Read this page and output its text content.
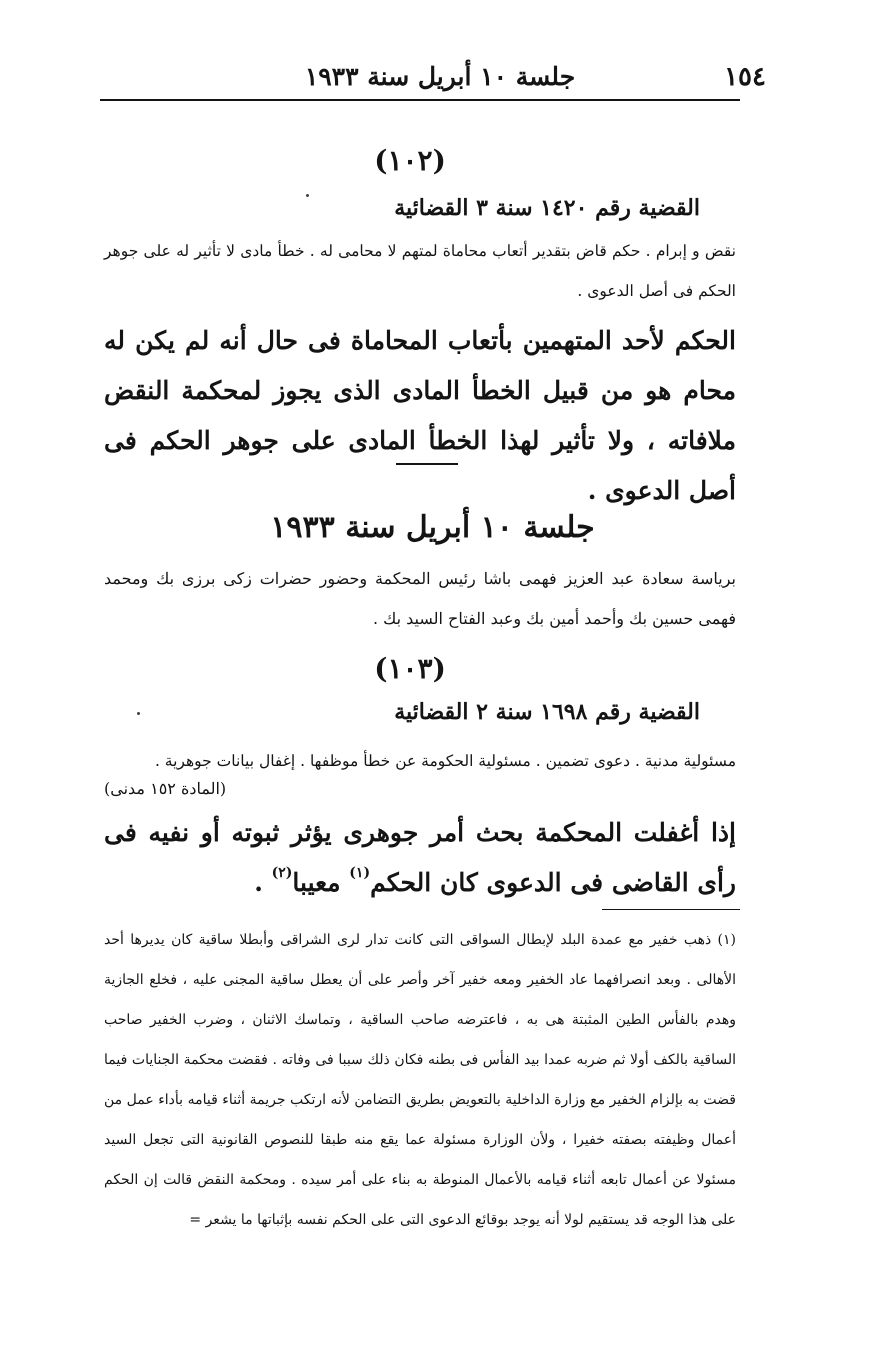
١٥٤
جلسة ١٠ أبريل سنة ١٩٣٣
(١٠٢)
القضية رقم ١٤٢٠ سنة ٣ القضائية
نقض و إبرام . حكم قاض بتقدير أتعاب محاماة لمتهم لا محامى له . خطأ مادى لا تأثير له على جوهر الحكم فى أصل الدعوى .
الحكم لأحد المتهمين بأتعاب المحاماة فى حال أنه لم يكن له محام هو من قبيل الخطأ المادى الذى يجوز لمحكمة النقض ملافاته ، ولا تأثير لهذا الخطأ المادى على جوهر الحكم فى أصل الدعوى .
جلسة ١٠ أبريل سنة ١٩٣٣
برياسة سعادة عبد العزيز فهمى باشا رئيس المحكمة وحضور حضرات زكى برزى بك ومحمد فهمى حسين بك وأحمد أمين بك وعبد الفتاح السيد بك .
(١٠٣)
القضية رقم ١٦٩٨ سنة ٢ القضائية
مسئولية مدنية . دعوى تضمين . مسئولية الحكومة عن خطأ موظفها . إغفال بيانات جوهرية .
(المادة ١٥٢ مدنى)
إذا أغفلت المحكمة بحث أمر جوهرى يؤثر ثبوته أو نفيه فى رأى القاضى فى الدعوى كان الحكم$^{(١)}$ معيبا$^{(٢)}$ .
(١) ذهب خفير مع عمدة البلد لإبطال السواقى التى كانت تدار لرى الشراقى وأبطلا ساقية كان يديرها أحد الأهالى . وبعد انصرافهما عاد الخفير ومعه خفير آخر وأصر على أن يعطل ساقية المجنى عليه ، فخلع الجازية وهدم بالفأس الطين المثبتة هى به ، فاعترضه صاحب الساقية ، وتماسك الاثنان ، وضرب الخفير صاحب الساقية بالكف أولا ثم ضربه عمدا بيد الفأس فى بطنه فكان ذلك سببا فى وفاته . فقضت محكمة الجنايات فيما قضت به بإلزام الخفير مع وزارة الداخلية بالتعويض بطريق التضامن لأنه ارتكب جريمة أثناء قيامه بأداء عمل من أعمال وظيفته بصفته خفيرا ، ولأن الوزارة مسئولة عما يقع منه طبقا للنصوص القانونية التى تجعل السيد مسئولا عن أعمال تابعه أثناء قيامه بالأعمال المنوطة به بناء على أمر سيده . ومحكمة النقض قالت إن الحكم على هذا الوجه قد يستقيم لولا أنه يوجد بوقائع الدعوى التى على الحكم نفسه بإثباتها ما يشعر =
